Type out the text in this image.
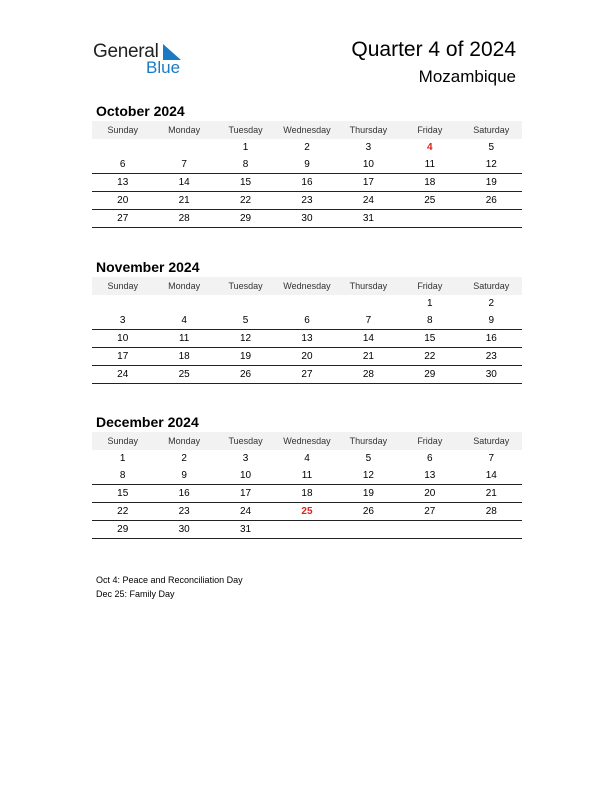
General
Blue
Quarter 4 of 2024
Mozambique
October 2024
Sunday	Monday	Tuesday	Wednesday	Thursday	Friday	Saturday
		1	2	3	4	5
6	7	8	9	10	11	12
13	14	15	16	17	18	19
20	21	22	23	24	25	26
27	28	29	30	31		
November 2024
Sunday	Monday	Tuesday	Wednesday	Thursday	Friday	Saturday
					1	2
3	4	5	6	7	8	9
10	11	12	13	14	15	16
17	18	19	20	21	22	23
24	25	26	27	28	29	30
December 2024
Sunday	Monday	Tuesday	Wednesday	Thursday	Friday	Saturday
1	2	3	4	5	6	7
8	9	10	11	12	13	14
15	16	17	18	19	20	21
22	23	24	25	26	27	28
29	30	31				
Oct 4: Peace and Reconciliation Day
Dec 25: Family Day
